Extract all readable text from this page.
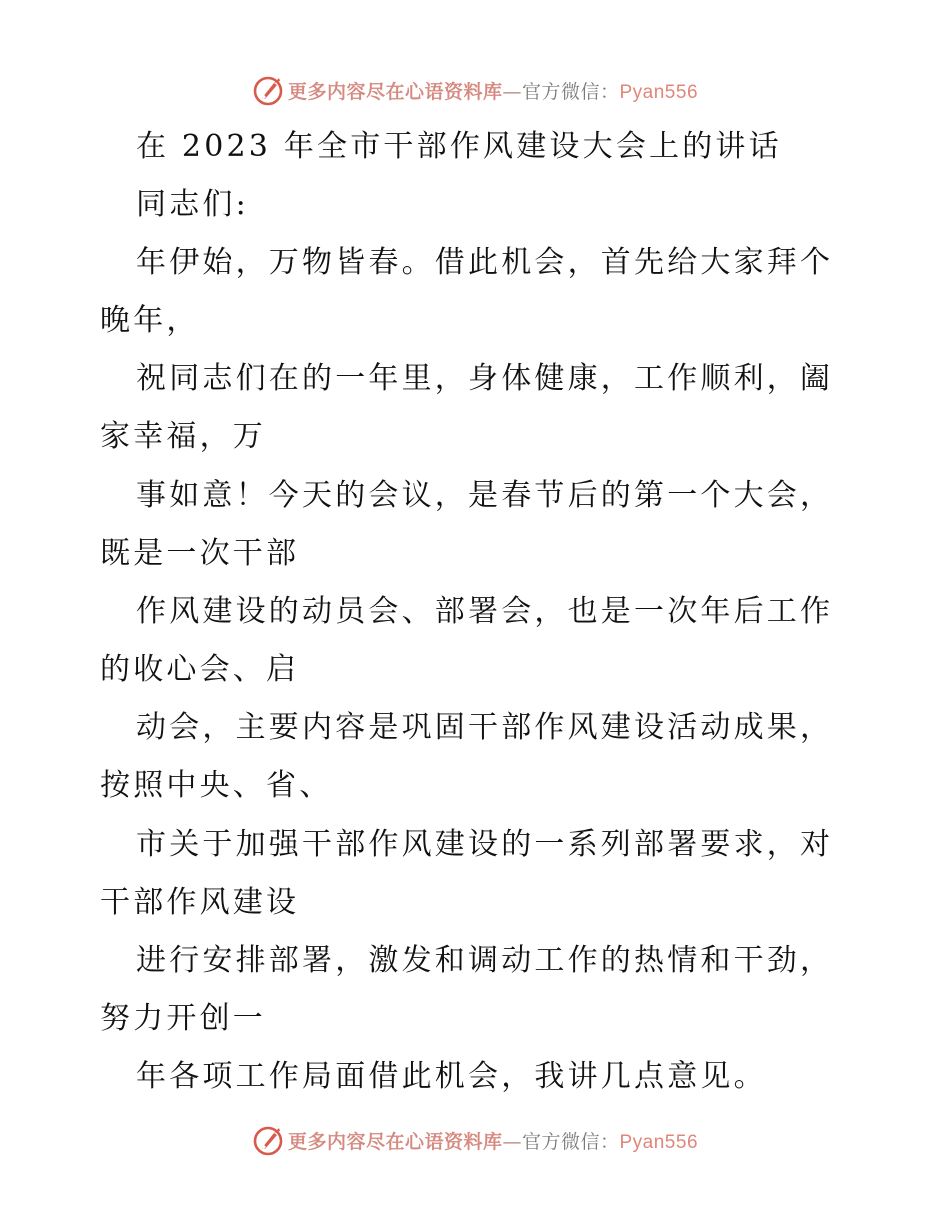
更多内容尽在心语资料库—官方微信：Pyan556
在 2023 年全市干部作风建设大会上的讲话
同志们:
年伊始，万物皆春。借此机会，首先给大家拜个
晚年，
祝同志们在的一年里，身体健康，工作顺利，阖
家幸福，万
事如意！今天的会议，是春节后的第一个大会，
既是一次干部
作风建设的动员会、部署会，也是一次年后工作
的收心会、启
动会，主要内容是巩固干部作风建设活动成果，
按照中央、省、
市关于加强干部作风建设的一系列部署要求，对
干部作风建设
进行安排部署，激发和调动工作的热情和干劲，
努力开创一
年各项工作局面借此机会，我讲几点意见。
更多内容尽在心语资料库—官方微信：Pyan556
